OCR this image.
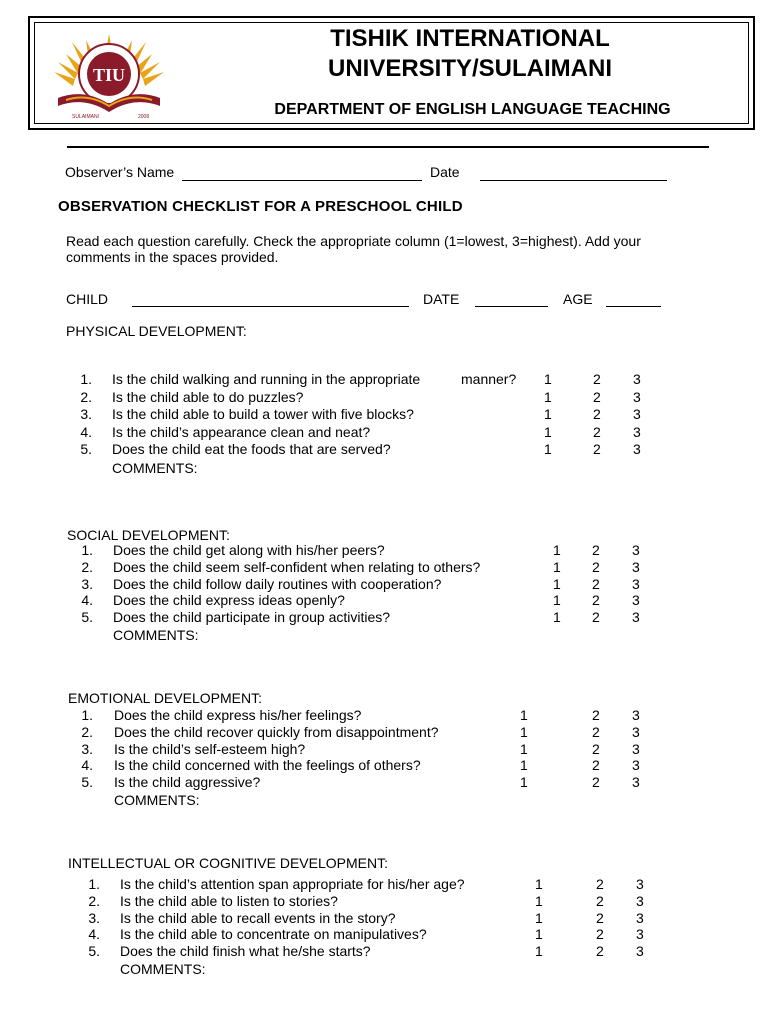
TIU
SULAIMANI	2008
TISHIK INTERNATIONAL
UNIVERSITY/SULAIMANI
DEPARTMENT OF ENGLISH LANGUAGE TEACHING
Observer’s Name	Date
OBSERVATION CHECKLIST FOR A PRESCHOOL CHILD
Read each question carefully. Check the appropriate column (1=lowest, 3=highest). Add your
comments in the spaces provided.
CHILD	DATE	AGE
PHYSICAL DEVELOPMENT:
1. Is the child walking and running in the appropriate	manner? 1	2 3
2. Is the child able to do puzzles?	1	2 3
3. Is the child able to build a tower with five blocks?	1	2 3
4. Is the child’s appearance clean and neat?	1	2 3
5. Does the child eat the foods that are served?	1	2 3
COMMENTS:
SOCIAL DEVELOPMENT:
1. Does the child get along with his/her peers?	1 2 3
2. Does the child seem self-confident when relating to others?	1 2 3
3. Does the child follow daily routines with cooperation?	1 2 3
4. Does the child express ideas openly?	1 2 3
5. Does the child participate in group activities?	1 2 3
COMMENTS:
EMOTIONAL DEVELOPMENT:
1. Does the child express his/her feelings?	1	2 3
2. Does the child recover quickly from disappointment?	1	2 3
3. Is the child’s self-esteem high?	1	2 3
4. Is the child concerned with the feelings of others?	1	2 3
5. Is the child aggressive?	1	2 3
COMMENTS:
INTELLECTUAL OR COGNITIVE DEVELOPMENT:
1. Is the child’s attention span appropriate for his/her age?	1	2 3
2. Is the child able to listen to stories?	1	2 3
3. Is the child able to recall events in the story?	1	2 3
4. Is the child able to concentrate on manipulatives?	1	2 3
5. Does the child finish what he/she starts?	1	2 3
COMMENTS:
